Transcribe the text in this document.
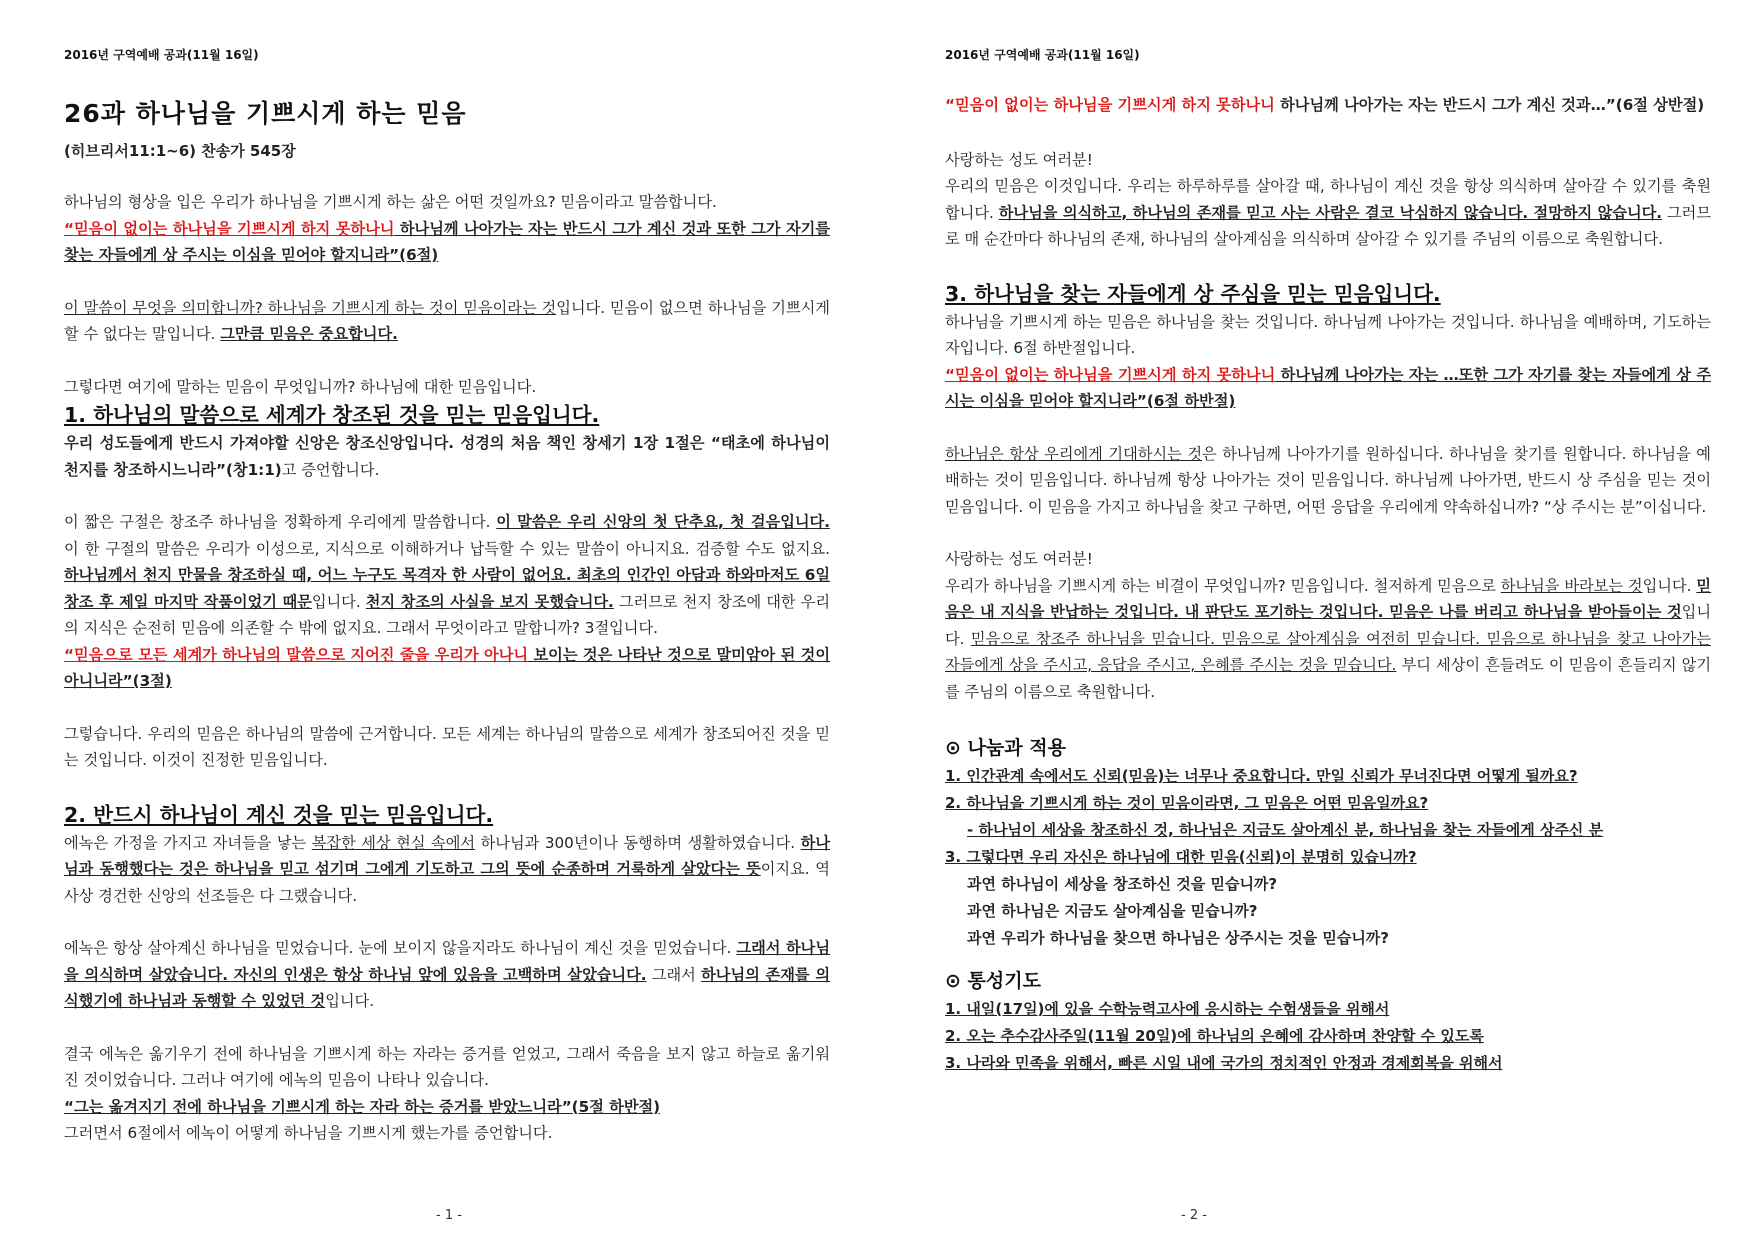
2016년 구역예배 공과(11월 16일)
26과 하나님을 기쁘시게 하는 믿음
(히브리서11:1~6) 찬송가 545장

하나님의 형상을 입은 우리가 하나님을 기쁘시게 하는 삶은 어떤 것일까요? 믿음이라고 말씀합니다.

“믿음이 없이는 하나님을 기쁘시게 하지 못하나니 하나님께 나아가는 자는 반드시 그가 계신 것과 또한 그가 자기를 찾는 자들에게 상 주시는 이심을 믿어야 할지니라”(6절)

이 말씀이 무엇을 의미합니까? 하나님을 기쁘시게 하는 것이 믿음이라는 것입니다. 믿음이 없으면 하나님을 기쁘시게 할 수 없다는 말입니다. 그만큼 믿음은 중요합니다.

그렇다면 여기에 말하는 믿음이 무엇입니까? 하나님에 대한 믿음입니다.

1. 하나님의 말씀으로 세계가 창조된 것을 믿는 믿음입니다.

우리 성도들에게 반드시 가져야할 신앙은 창조신앙입니다. 성경의 처음 책인 창세기 1장 1절은 “태초에 하나님이 천지를 창조하시느니라”(창1:1)고 증언합니다.

이 짧은 구절은 창조주 하나님을 정확하게 우리에게 말씀합니다. 이 말씀은 우리 신앙의 첫 단추요, 첫 걸음입니다. 이 한 구절의 말씀은 우리가 이성으로, 지식으로 이해하거나 납득할 수 있는 말씀이 아니지요. 검증할 수도 없지요. 하나님께서 천지 만물을 창조하실 때, 어느 누구도 목격자 한 사람이 없어요. 최초의 인간인 아담과 하와마저도 6일 창조 후 제일 마지막 작품이었기 때문입니다. 천지 창조의 사실을 보지 못했습니다. 그러므로 천지 창조에 대한 우리의 지식은 순전히 믿음에 의존할 수 밖에 없지요. 그래서 무엇이라고 말합니까? 3절입니다.

“믿음으로 모든 세계가 하나님의 말씀으로 지어진 줄을 우리가 아나니 보이는 것은 나타난 것으로 말미암아 된 것이 아니니라”(3절)

그렇습니다. 우리의 믿음은 하나님의 말씀에 근거합니다. 모든 세계는 하나님의 말씀으로 세계가 창조되어진 것을 믿는 것입니다. 이것이 진정한 믿음입니다.

2. 반드시 하나님이 계신 것을 믿는 믿음입니다.

에녹은 가정을 가지고 자녀들을 낳는 복잡한 세상 현실 속에서 하나님과 300년이나 동행하며 생활하였습니다. 하나님과 동행했다는 것은 하나님을 믿고 섬기며 그에게 기도하고 그의 뜻에 순종하며 거룩하게 살았다는 뜻이지요. 역사상 경건한 신앙의 선조들은 다 그랬습니다.

에녹은 항상 살아계신 하나님을 믿었습니다. 눈에 보이지 않을지라도 하나님이 계신 것을 믿었습니다. 그래서 하나님을 의식하며 살았습니다. 자신의 인생은 항상 하나님 앞에 있음을 고백하며 살았습니다. 그래서 하나님의 존재를 의식했기에 하나님과 동행할 수 있었던 것입니다.

결국 에녹은 옮기우기 전에 하나님을 기쁘시게 하는 자라는 증거를 얻었고, 그래서 죽음을 보지 않고 하늘로 옮기워진 것이었습니다. 그러나 여기에 에녹의 믿음이 나타나 있습니다.

“그는 옮겨지기 전에 하나님을 기쁘시게 하는 자라 하는 증거를 받았느니라”(5절 하반절)

그러면서 6절에서 에녹이 어떻게 하나님을 기쁘시게 했는가를 증언합니다.

- 1 -
2016년 구역예배 공과(11월 16일)

“믿음이 없이는 하나님을 기쁘시게 하지 못하나니 하나님께 나아가는 자는 반드시 그가 계신 것과…”(6절 상반절)

사랑하는 성도 여러분!

우리의 믿음은 이것입니다. 우리는 하루하루를 살아갈 때, 하나님이 계신 것을 항상 의식하며 살아갈 수 있기를 축원합니다. 하나님을 의식하고, 하나님의 존재를 믿고 사는 사람은 결코 낙심하지 않습니다. 절망하지 않습니다. 그러므로 매 순간마다 하나님의 존재, 하나님의 살아계심을 의식하며 살아갈 수 있기를 주님의 이름으로 축원합니다.

3. 하나님을 찾는 자들에게 상 주심을 믿는 믿음입니다.

하나님을 기쁘시게 하는 믿음은 하나님을 찾는 것입니다. 하나님께 나아가는 것입니다. 하나님을 예배하며, 기도하는 자입니다. 6절 하반절입니다.

“믿음이 없이는 하나님을 기쁘시게 하지 못하나니 하나님께 나아가는 자는 …또한 그가 자기를 찾는 자들에게 상 주시는 이심을 믿어야 할지니라”(6절 하반절)

하나님은 항상 우리에게 기대하시는 것은 하나님께 나아가기를 원하십니다. 하나님을 찾기를 원합니다. 하나님을 예배하는 것이 믿음입니다. 하나님께 항상 나아가는 것이 믿음입니다. 하나님께 나아가면, 반드시 상 주심을 믿는 것이 믿음입니다. 이 믿음을 가지고 하나님을 찾고 구하면, 어떤 응답을 우리에게 약속하십니까? “상 주시는 분”이십니다.

사랑하는 성도 여러분!

우리가 하나님을 기쁘시게 하는 비결이 무엇입니까? 믿음입니다. 철저하게 믿음으로 하나님을 바라보는 것입니다. 믿음은 내 지식을 반납하는 것입니다. 내 판단도 포기하는 것입니다. 믿음은 나를 버리고 하나님을 받아들이는 것입니다. 믿음으로 창조주 하나님을 믿습니다. 믿음으로 살아계심을 여전히 믿습니다. 믿음으로 하나님을 찾고 나아가는 자들에게 상을 주시고, 응답을 주시고, 은혜를 주시는 것을 믿습니다. 부디 세상이 흔들려도 이 믿음이 흔들리지 않기를 주님의 이름으로 축원합니다.

⊙ 나눔과 적용

1. 인간관계 속에서도 신뢰(믿음)는 너무나 중요합니다. 만일 신뢰가 무너진다면 어떻게 될까요?

2. 하나님을 기쁘시게 하는 것이 믿음이라면, 그 믿음은 어떤 믿음일까요?

- 하나님이 세상을 창조하신 것, 하나님은 지금도 살아계신 분, 하나님을 찾는 자들에게 상주신 분

3. 그렇다면 우리 자신은 하나님에 대한 믿음(신뢰)이 분명히 있습니까?

과연 하나님이 세상을 창조하신 것을 믿습니까?

과연 하나님은 지금도 살아계심을 믿습니까?

과연 우리가 하나님을 찾으면 하나님은 상주시는 것을 믿습니까?

⊙ 통성기도

1. 내일(17일)에 있을 수학능력고사에 응시하는 수험생들을 위해서

2. 오는 추수감사주일(11월 20일)에 하나님의 은혜에 감사하며 찬양할 수 있도록

3. 나라와 민족을 위해서, 빠른 시일 내에 국가의 정치적인 안정과 경제회복을 위해서

- 2 -
